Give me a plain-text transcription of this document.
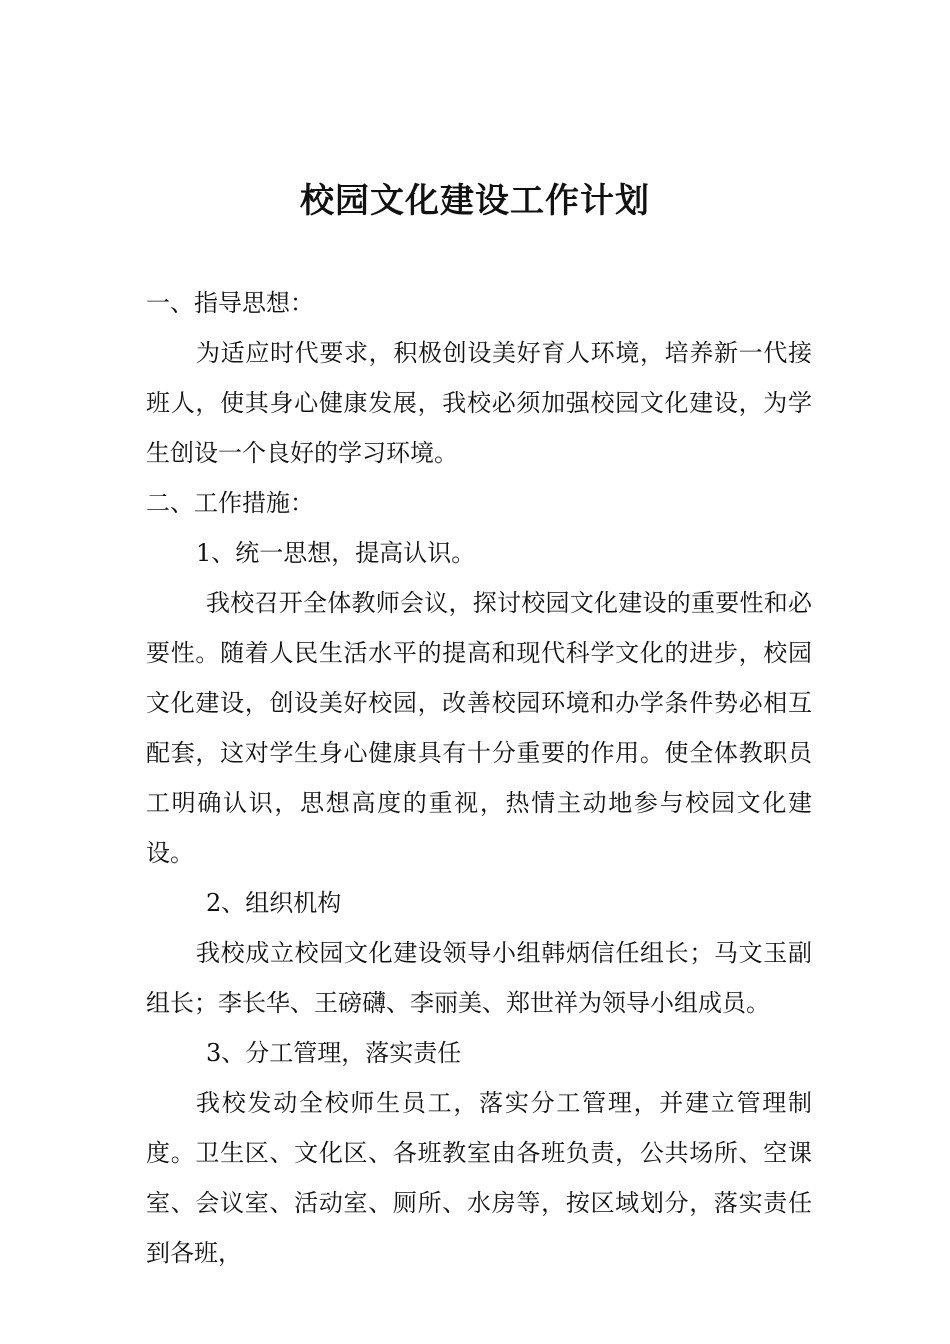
校园文化建设工作计划

一、指导思想：

为适应时代要求，积极创设美好育人环境，培养新一代接班人，使其身心健康发展，我校必须加强校园文化建设，为学生创设一个良好的学习环境。

二、工作措施：

1、统一思想，提高认识。

我校召开全体教师会议，探讨校园文化建设的重要性和必要性。随着人民生活水平的提高和现代科学文化的进步，校园文化建设，创设美好校园，改善校园环境和办学条件势必相互配套，这对学生身心健康具有十分重要的作用。使全体教职员工明确认识，思想高度的重视，热情主动地参与校园文化建设。

2、组织机构

我校成立校园文化建设领导小组韩炳信任组长；马文玉副组长；李长华、王磅礴、李丽美、郑世祥为领导小组成员。

3、分工管理，落实责任

我校发动全校师生员工，落实分工管理，并建立管理制度。卫生区、文化区、各班教室由各班负责，公共场所、空课室、会议室、活动室、厕所、水房等，按区域划分，落实责任到各班，
